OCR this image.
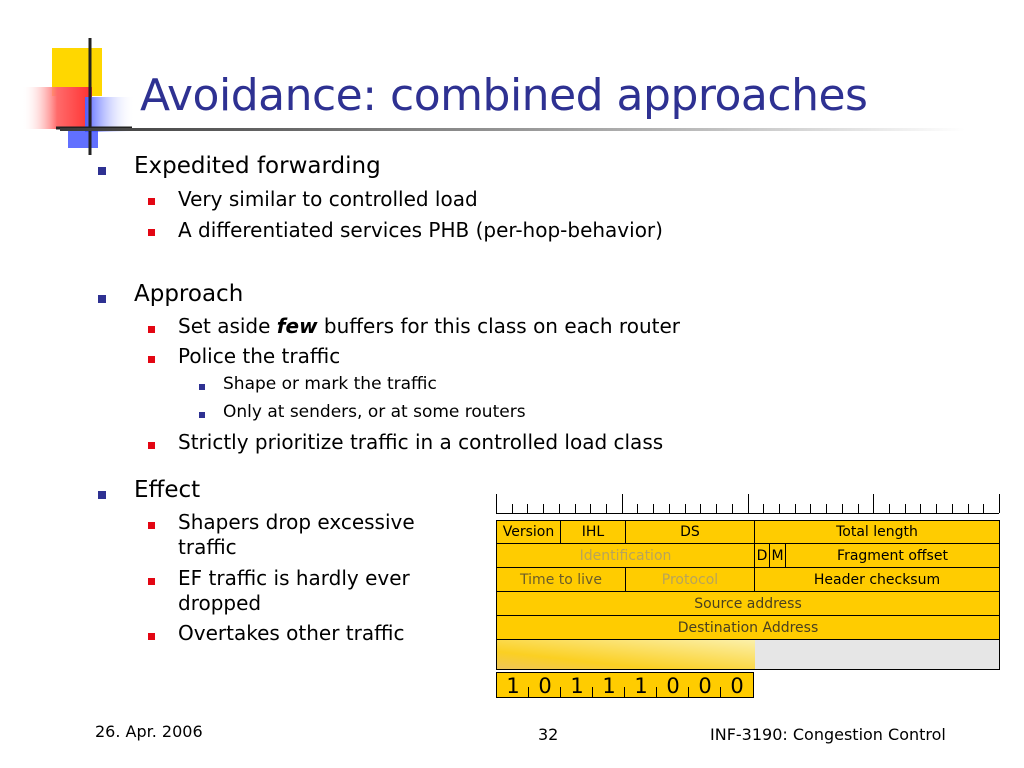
Avoidance: combined approaches
Expedited forwarding
Very similar to controlled load
A differentiated services PHB (per-hop-behavior)
Approach
Set aside few buffers for this class on each router
Police the traffic
Shape or mark the traffic
Only at senders, or at some routers
Strictly prioritize traffic in a controlled load class
Effect
Shapers drop excessive
traffic
EF traffic is hardly ever
dropped
Overtakes other traffic
Version	IHL	DS	Total length
Identification	D M	Fragment offset
Time to live	Protocol	Header checksum
Source address
Destination Address
1 0 1 1 1 0 0 0
26. Apr. 2006	32	INF-3190: Congestion Control
